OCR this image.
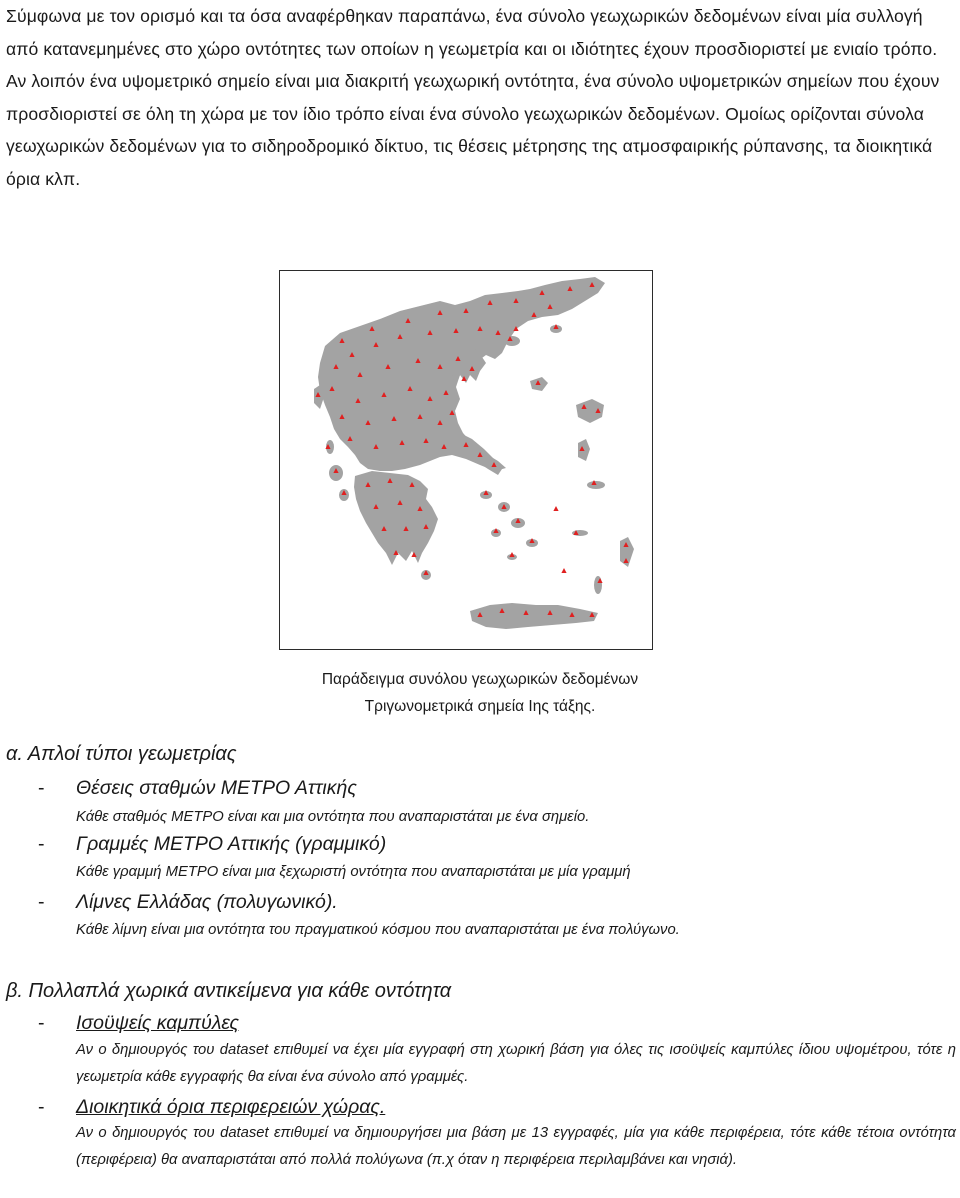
Σύμφωνα με τον ορισμό και τα όσα αναφέρθηκαν παραπάνω, ένα σύνολο γεωχωρικών δεδομένων είναι μία συλλογή από κατανεμημένες στο χώρο οντότητες των οποίων η γεωμετρία και οι ιδιότητες έχουν προσδιοριστεί με ενιαίο τρόπο. Αν λοιπόν ένα υψομετρικό σημείο είναι μια διακριτή γεωχωρική οντότητα, ένα σύνολο υψομετρικών σημείων που έχουν προσδιοριστεί σε όλη τη χώρα με τον ίδιο τρόπο είναι ένα σύνολο γεωχωρικών δεδομένων. Ομοίως ορίζονται σύνολα γεωχωρικών δεδομένων για το σιδηροδρομικό δίκτυο, τις θέσεις μέτρησης της ατμοσφαιρικής ρύπανσης, τα διοικητικά όρια κλπ.

Παράδειγμα συνόλου γεωχωρικών δεδομένων
Τριγωνομετρικά σημεία Ιης τάξης.
α. Απλοί τύποι γεωμετρίας
- Θέσεις σταθμών ΜΕΤΡΟ Αττικής
Κάθε σταθμός ΜΕΤΡΟ είναι και μια οντότητα που αναπαριστάται με ένα σημείο.
- Γραμμές ΜΕΤΡΟ Αττικής (γραμμικό)
Κάθε γραμμή ΜΕΤΡΟ είναι μια ξεχωριστή οντότητα που αναπαριστάται με μία γραμμή
- Λίμνες Ελλάδας (πολυγωνικό).
Κάθε λίμνη είναι μια οντότητα του πραγματικού κόσμου που αναπαριστάται με ένα πολύγωνο.
β. Πολλαπλά χωρικά αντικείμενα για κάθε οντότητα
- Ισοϋψείς καμπύλες
Αν ο δημιουργός του dataset επιθυμεί να έχει μία εγγραφή στη χωρική βάση για όλες τις ισοϋψείς καμπύλες ίδιου υψομέτρου, τότε η γεωμετρία κάθε εγγραφής θα είναι ένα σύνολο από γραμμές.
- Διοικητικά όρια περιφερειών χώρας.
Αν ο δημιουργός του dataset επιθυμεί να δημιουργήσει μια βάση με 13 εγγραφές, μία για κάθε περιφέρεια, τότε κάθε τέτοια οντότητα (περιφέρεια) θα αναπαριστάται από πολλά πολύγωνα (π.χ όταν η περιφέρεια περιλαμβάνει και νησιά).
